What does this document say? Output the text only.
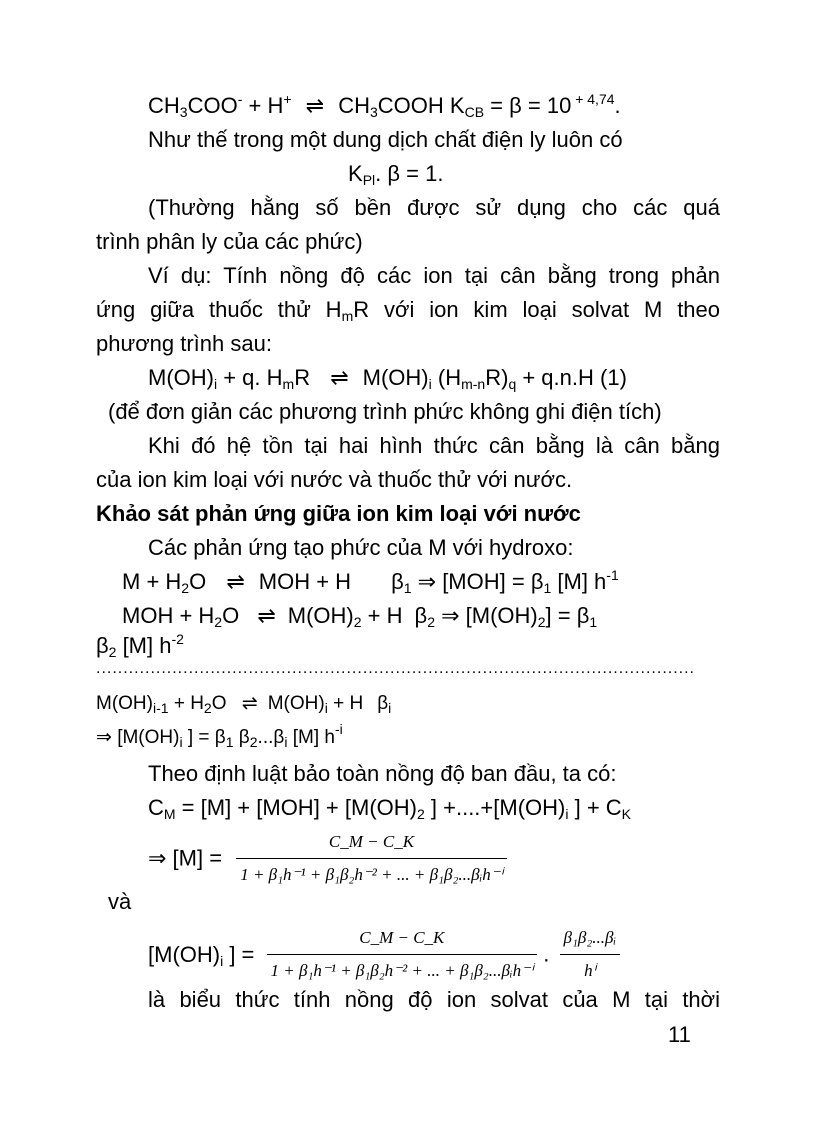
$CH_3COO^- + H^+$ ⇌ $CH_3COOH$ $K_{CB} = \beta = 10$ $^{+ 4,74}$.
Như thế trong một dung dịch chất điện ly luôn có
$K_{Pl}$. β = 1.
(Thường hằng số bền được sử dụng cho các quá
trình phân ly của các phức)
Ví dụ: Tính nồng độ các ion tại cân bằng trong phản
ứng giữa thuốc thử $H_mR$ với ion kim loại solvat M theo
phương trình sau:
$M(OH)_i + q$. $H_mR$ ⇌ $M(OH)_i$ $(H_{m-n}R)_q + q.n.H$ (1)
(để đơn giản các phương trình phức không ghi điện tích)
Khi đó hệ tồn tại hai hình thức cân bằng là cân bằng
của ion kim loại với nước và thuốc thử với nước.
Khảo sát phản ứng giữa ion kim loại với nước
Các phản ứng tạo phức của M với hydroxo:
$M + H_2O$ ⇌ MOH + H $\beta_1$ ⇒ $[MOH] = \beta_1$ [M] $h^{-1}$
MOH + $H_2O$ ⇌ $M(OH)_2 + H$ $\beta_2$ ⇒ $[M(OH)_2] = \beta_1$
$\beta_2$ [M] $h^{-2}$
..............................................................................................................
$M(OH)_{i-1} + H_2O$ ⇌ $M(OH)_i + H$ $\beta_i$
⇒ [$M(OH)_i$ ] = $\beta_1$ $\beta_2...\beta_i$ [M] $h^{-i}$
Theo định luật bảo toàn nồng độ ban đầu, ta có:
$C_M = [M] + [MOH] + [M(OH)_2$ ] $+....+[M(OH)_i$ ] + $C_K$
⇒ $[M] = \frac{C\_M - C\_K}{\text{1 + β₁h⁻¹ + β₁β₂h⁻² + ... + β₁β₂...βᵢh⁻ⁱ}}$
và
[$M(OH)_i$ ] = $\frac{C\_M - C\_K}{\text{1 + β₁h⁻¹ + β₁β₂h⁻² + ... + β₁β₂...βᵢh⁻ⁱ}}$ . $\frac{\text{β₁β₂...βᵢ}}{\text{hⁱ}}$
là biểu thức tính nồng độ ion solvat của M tại thời
11
